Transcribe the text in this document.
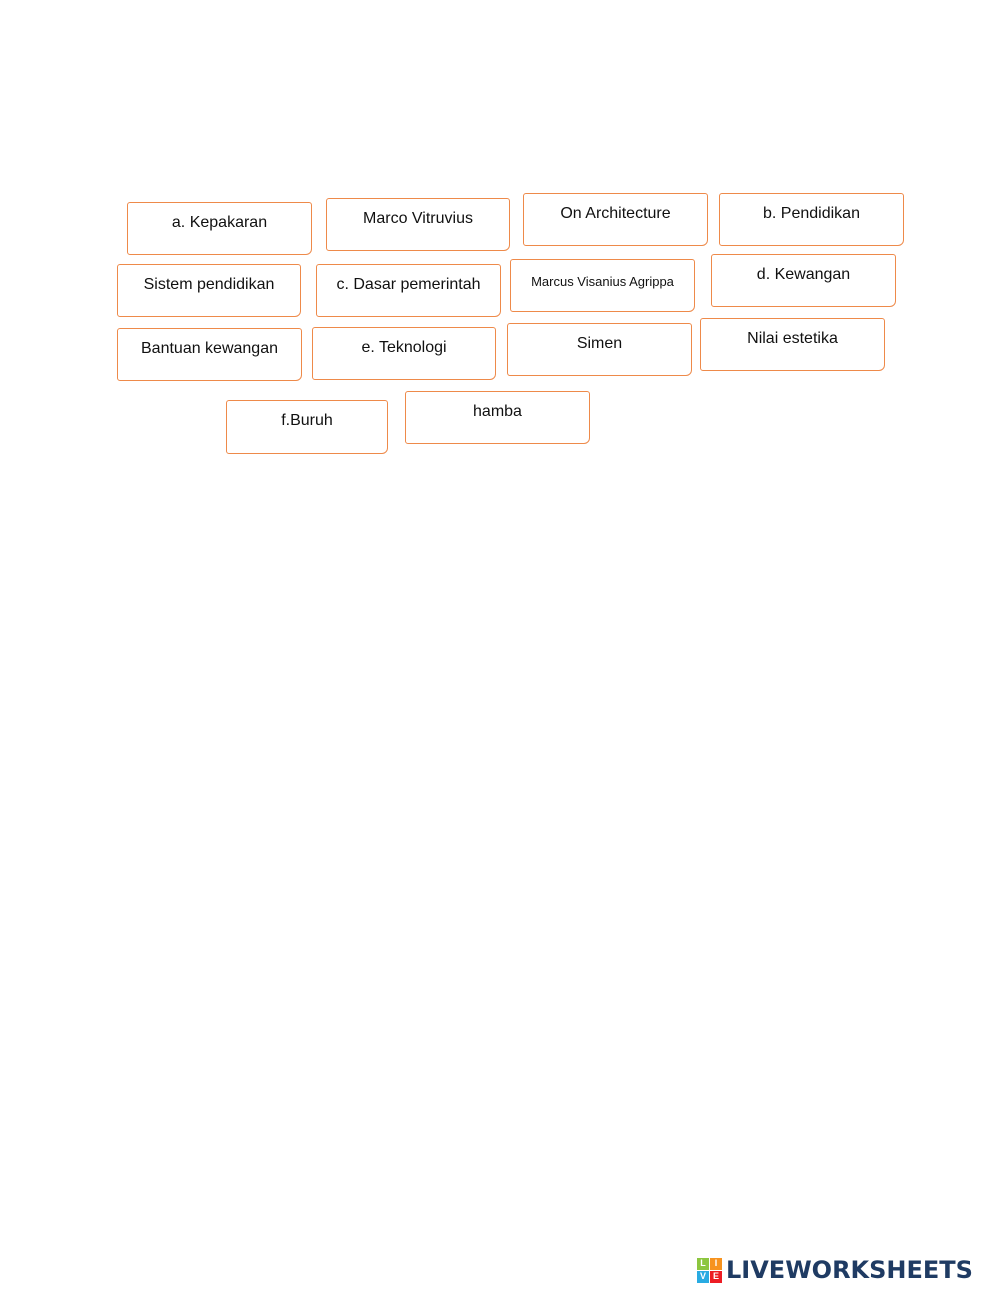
a. Kepakaran	Marco Vitruvius	On Architecture	b. Pendidikan
Sistem pendidikan	c. Dasar pemerintah	Marcus Visanius Agrippa	d. Kewangan
Bantuan kewangan	e. Teknologi	Simen	Nilai estetika
f.Buruh
hamba
L I
V E LIVEWORKSHEETS
